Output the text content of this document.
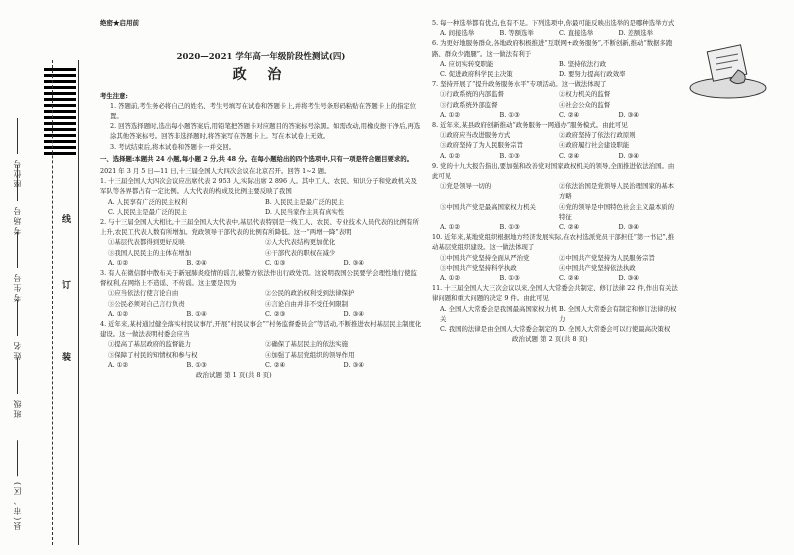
座位号
考场号
考生号
姓名
班级
县(市、区)
线
订
装
绝密★启用前
2020—2021 学年高一年级阶段性测试(四)
政 治
考生注意:
1. 答题前,考生务必将自己的姓名、考生号填写在试卷和答题卡上,并将考生号条形码粘贴在答题卡上的指定位置。
2. 回答选择题时,选出每小题答案后,用铅笔把答题卡对应题目的答案标号涂黑。如需改动,用橡皮擦干净后,再选涂其他答案标号。回答非选择题时,将答案写在答题卡上。写在本试卷上无效。
3. 考试结束后,将本试卷和答题卡一并交回。
一、选择题:本题共 24 小题,每小题 2 分,共 48 分。在每小题给出的四个选项中,只有一项是符合题目要求的。
2021 年 3 月 5 日—11 日,十三届全国人大四次会议在北京召开。回答 1~2 题。
1. 十三届全国人大四次会议应出席代表 2 953 人,实际出席 2 896 人。其中工人、农民、知识分子和党政机关及军队等各界都占有一定比例。人大代表的构成及比例主要反映了我国
A. 人民享有广泛的民主权利	B. 人民民主是最广泛的民主
C. 人民民主是最广泛的民主	D. 人民当家作主具有真实性
2. 与十三届全国人大相比,十三届全国人大代表中,基层代表特别是一线工人、农民、专业技术人员代表的比例有所上升,农民工代表人数有所增加。党政领导干部代表的比例有所降低。这一“两增一降”表明
①基层代表都得到更好反映	②人大代表结构更加优化
③我国人民民主的主体在增加	④干部代表的职权在减少
A. ①②	B. ②④	C. ①③	D. ③④
3. 有人在微信群中散布关于新冠肺炎疫情的谣言,被警方依法作出行政处罚。这说明我国公民要学会理性地行使监督权利,在网络上不造谣、不传谣。这主要是因为
①应当依法行使言论自由	②公民的政治权利受到法律保护
③公民必须对自己言行负责	④言论自由并非不受任何限制
A. ①②	B. ①④	C. ②③	D. ③④
4. 近年来,某村通过健全落实村民议事厅,开展“村民议事会”“村务监督委员会”等活动,不断推进农村基层民主制度化建设。这一做法表明村委会应当
①提高了基层政府的监督能力	②确保了基层民主的依法实施
③保障了村民的知情权和参与权	④加强了基层党组织的领导作用
A. ①②	B. ①③	C. ②④	D. ③④
政治试题 第 1 页(共 8 页)
5. 每一种选举都有优点,也有不足。下列选项中,你最可能反映出选举的是哪种选举方式
A. 间接选举	B. 等额选举	C. 直接选举	D. 差额选举
6. 为更好地服务群众,各地政府积极推进“互联网+政务服务”,不断创新,推动“数据多跑路、群众少跑腿”。这一做法有利于
A. 应切实转变职能	B. 坚持依法行政
C. 促进政府科学民主决策	D. 要努力提高行政效率
7. 坚持开展了“提升政务服务水平”专项活动。这一做法体现了
①行政系统的内部监督	②权力机关的监督
③行政系统外部监督	④社会公众的监督
A. ①②	B. ①③	C. ②④	D. ③④
8. 近年来,某县政府创新推动“政务服务一网通办”服务模式。由此可见
①政府应当改进服务方式	②政府坚持了依法行政原则
③政府坚持了为人民服务宗旨	④政府履行社会建设职能
A. ①②	B. ①③	C. ②④	D. ③④
9. 党的十九大报告指出,要加强和改善党对国家政权机关的领导,全面推进依法治国。由此可见
①党是领导一切的	②依法治国是党领导人民治理国家的基本方略
③中国共产党是最高国家权力机关	④党的领导是中国特色社会主义最本质的特征
A. ①②	B. ①③	C. ②④	D. ③④
10. 近年来,某地党组织根据地方经济发展实际,在农村选派党员干部担任“第一书记”,推动基层党组织建设。这一做法体现了
①中国共产党坚持全面从严治党	②中国共产党坚持为人民服务宗旨
③中国共产党坚持科学执政	④中国共产党坚持依法执政
A. ①②	B. ①③	C. ②④	D. ③④
11. 十三届全国人大三次会议以来,全国人大常委会共制定、修订法律 22 件,作出有关法律问题和重大问题的决定 9 件。由此可见
A. 全国人大常委会是我国最高国家权力机关
B. 全国人大常委会有制定和修订法律的权力
C. 我国的法律是由全国人大常委会制定的 D. 全国人大常委会可以行使最高决策权
政治试题 第 2 页(共 8 页)
